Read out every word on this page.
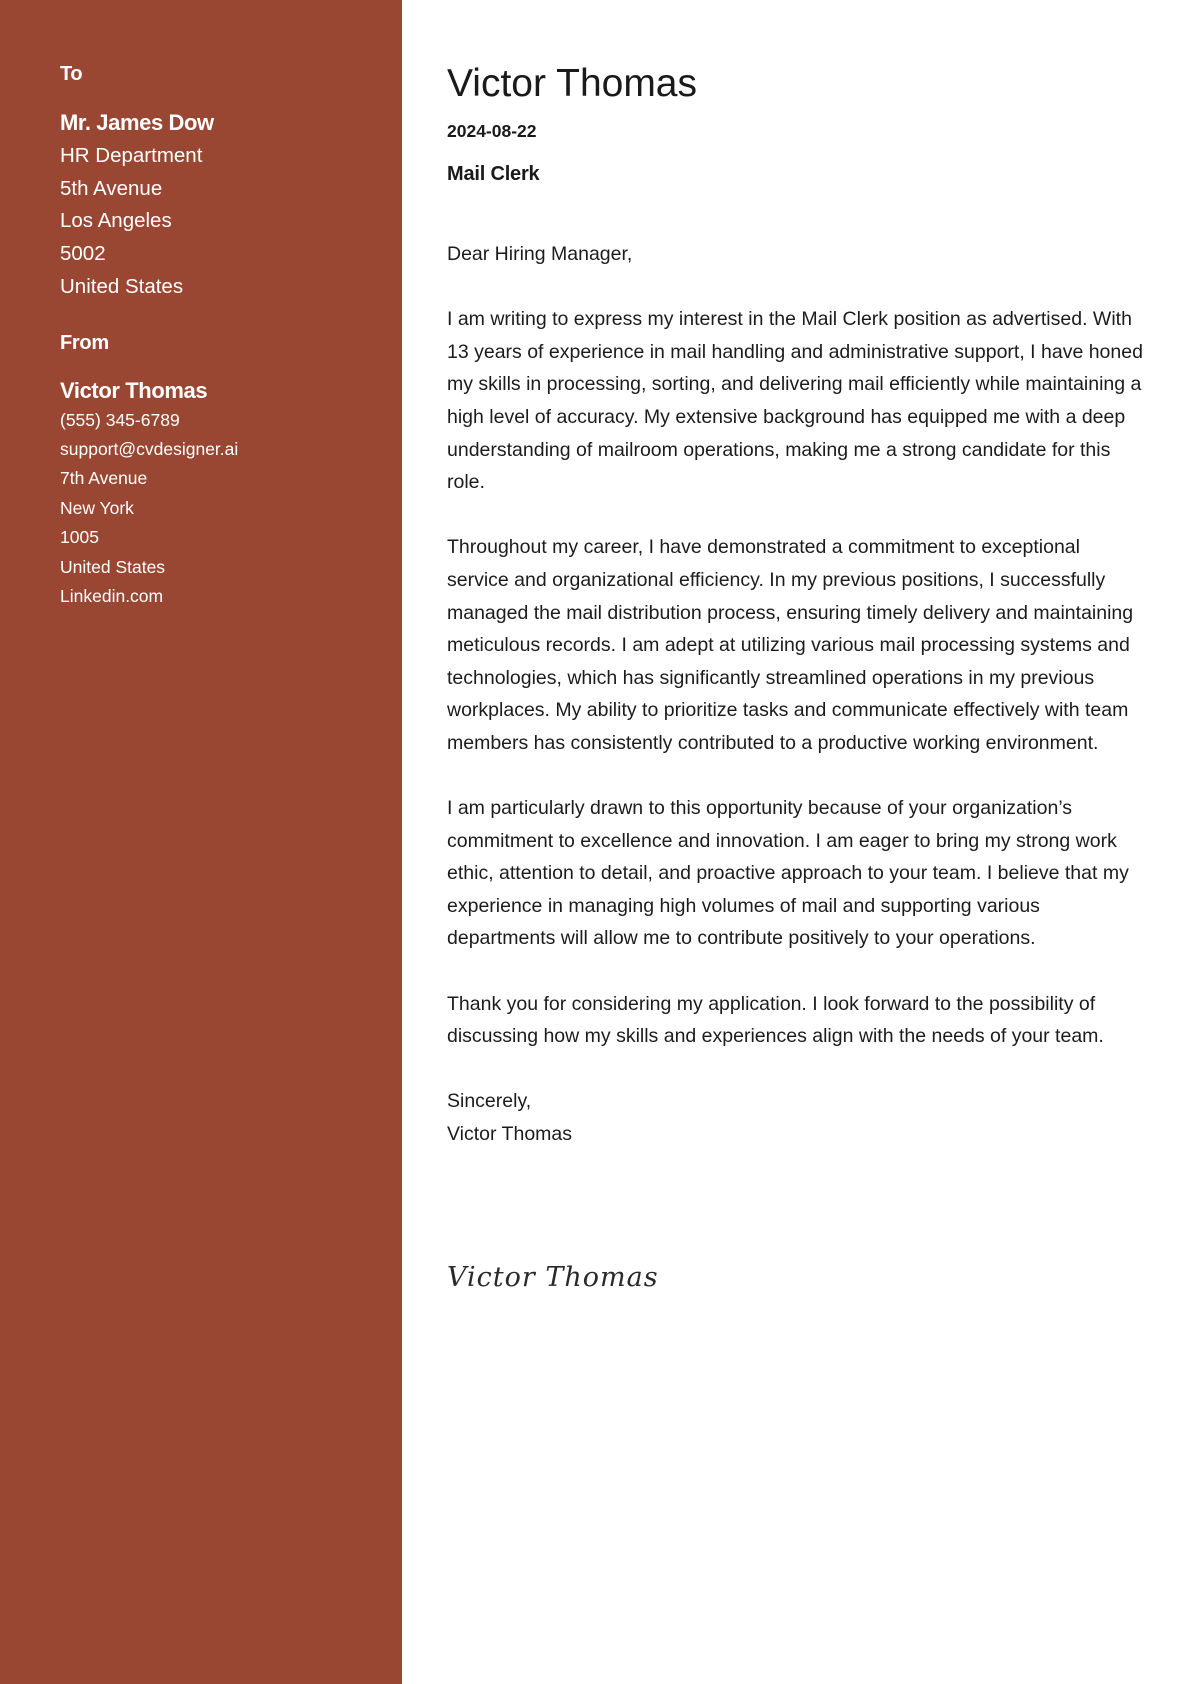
To

Mr. James Dow

HR Department

5th Avenue

Los Angeles

5002

United States

From

Victor Thomas

(555) 345-6789

support@cvdesigner.ai

7th Avenue

New York

1005

United States

Linkedin.com

Victor Thomas

2024-08-22

Mail Clerk

Dear Hiring Manager,

I am writing to express my interest in the Mail Clerk position as advertised. With 13 years of experience in mail handling and administrative support, I have honed my skills in processing, sorting, and delivering mail efficiently while maintaining a high level of accuracy. My extensive background has equipped me with a deep understanding of mailroom operations, making me a strong candidate for this role.

Throughout my career, I have demonstrated a commitment to exceptional service and organizational efficiency. In my previous positions, I successfully managed the mail distribution process, ensuring timely delivery and maintaining meticulous records. I am adept at utilizing various mail processing systems and technologies, which has significantly streamlined operations in my previous workplaces. My ability to prioritize tasks and communicate effectively with team members has consistently contributed to a productive working environment.

I am particularly drawn to this opportunity because of your organization’s commitment to excellence and innovation. I am eager to bring my strong work ethic, attention to detail, and proactive approach to your team. I believe that my experience in managing high volumes of mail and supporting various departments will allow me to contribute positively to your operations.

Thank you for considering my application. I look forward to the possibility of discussing how my skills and experiences align with the needs of your team.

Sincerely,

Victor Thomas

Victor Thomas
